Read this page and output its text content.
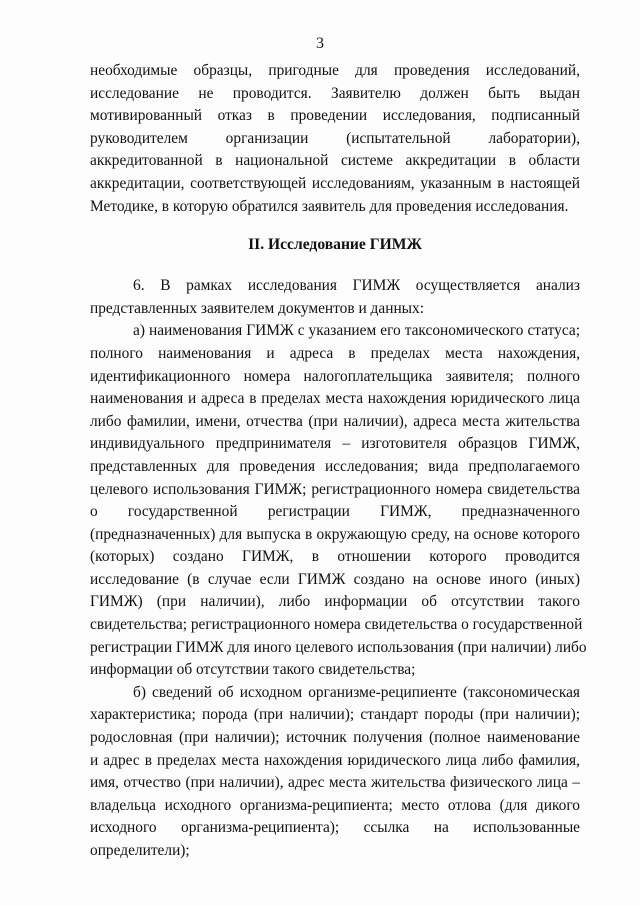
3
необходимые образцы, пригодные для проведения исследований,
исследование не проводится. Заявителю должен быть выдан
мотивированный отказ в проведении исследования, подписанный
руководителем организации (испытательной лаборатории),
аккредитованной в национальной системе аккредитации в области
аккредитации, соответствующей исследованиям, указанным в настоящей
Методике, в которую обратился заявитель для проведения исследования.
II. Исследование ГИМЖ
6. В рамках исследования ГИМЖ осуществляется анализ
представленных заявителем документов и данных:
а) наименования ГИМЖ с указанием его таксономического статуса;
полного наименования и адреса в пределах места нахождения,
идентификационного номера налогоплательщика заявителя; полного
наименования и адреса в пределах места нахождения юридического лица
либо фамилии, имени, отчества (при наличии), адреса места жительства
индивидуального предпринимателя – изготовителя образцов ГИМЖ,
представленных для проведения исследования; вида предполагаемого
целевого использования ГИМЖ; регистрационного номера свидетельства
о государственной регистрации ГИМЖ, предназначенного
(предназначенных) для выпуска в окружающую среду, на основе которого
(которых) создано ГИМЖ, в отношении которого проводится
исследование (в случае если ГИМЖ создано на основе иного (иных)
ГИМЖ) (при наличии), либо информации об отсутствии такого
свидетельства; регистрационного номера свидетельства о государственной
регистрации ГИМЖ для иного целевого использования (при наличии) либо
информации об отсутствии такого свидетельства;
б) сведений об исходном организме-реципиенте (таксономическая
характеристика; порода (при наличии); стандарт породы (при наличии);
родословная (при наличии); источник получения (полное наименование
и адрес в пределах места нахождения юридического лица либо фамилия,
имя, отчество (при наличии), адрес места жительства физического лица –
владельца исходного организма-реципиента; место отлова (для дикого
исходного организма-реципиента); ссылка на использованные
определители);
